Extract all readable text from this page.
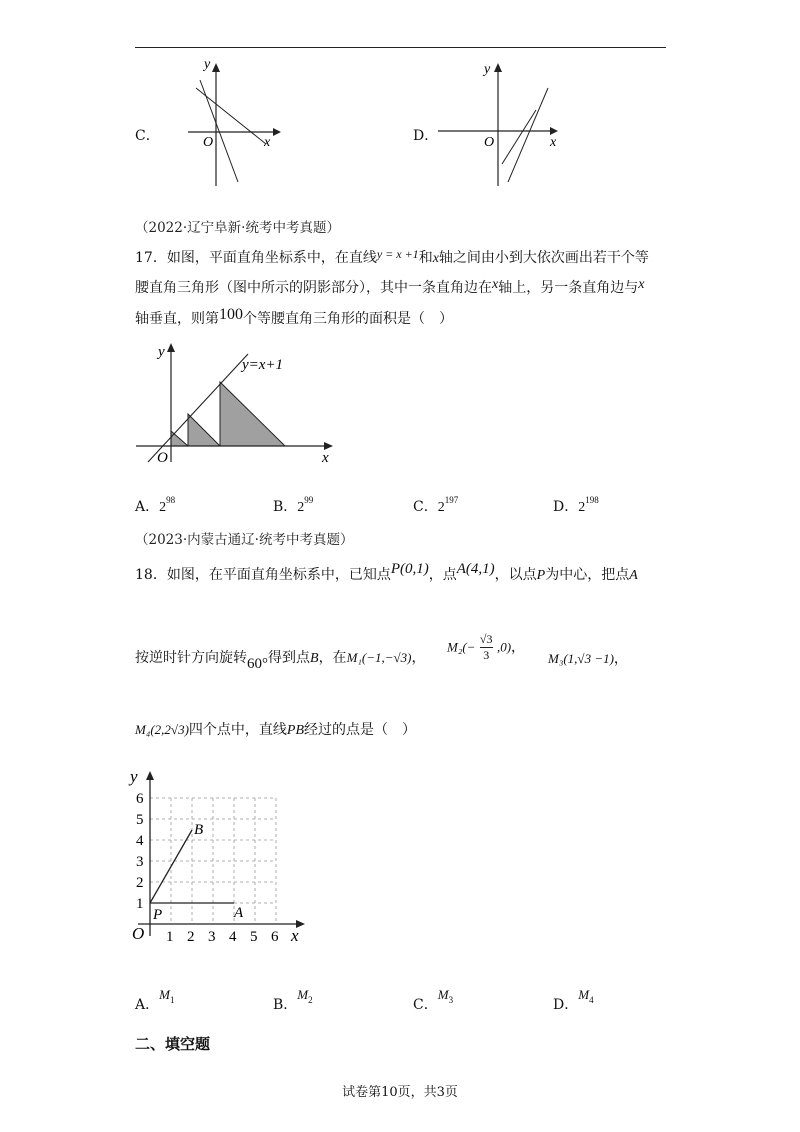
C．
y
x
O	D．
y
x
O
（2022·辽宁阜新·统考中考真题）
17．如图，平面直角坐标系中，在直线y = x +1和x轴之间由小到大依次画出若干个等
腰直角三角形（图中所示的阴影部分），其中一条直角边在x轴上，另一条直角边与x
轴垂直，则第100个等腰直角三角形的面积是（　）
y
x
O
y=x+1
A．$2^{98}$	B．$2^{99}$	C．$2^{197}$	D．$2^{198}$
（2023·内蒙古通辽·统考中考真题）
18．如图，在平面直角坐标系中，已知点P(0,1)，点A(4,1)，以点P为中心，把点A
按逆时针方向旋转60°得到点B，在M₁(−1,−√3)，
$M_2(- \frac{√3}{3} ,0)$，
M₃(1,√3 −1)，
M₄(2,2√3)四个点中，直线PB经过的点是（　）
y
x
O
P	A
B
1 2 3 4 5 6
1
2
3
4
5
6
A．$M_1$	B．$M_2$	C．$M_3$	D．$M_4$
二、填空题
试卷第10页，共3页
